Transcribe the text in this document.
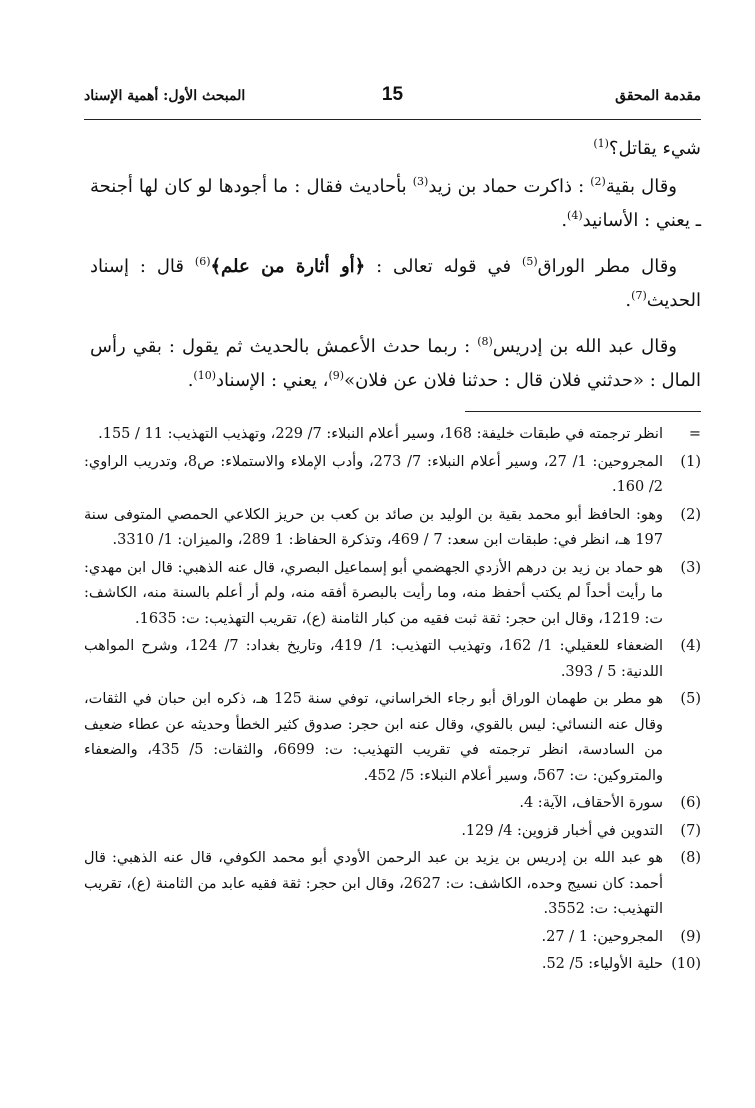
مقدمة المحقق
15
المبحث الأول: أهمية الإسناد

شيء يقاتل؟$^{(1)}$

وقال بقية$^{(2)}$ : ذاكرت حماد بن زيد$^{(3)}$ بأحاديث فقال : ما أجودها لو كان لها أجنحة ـ يعني : الأسانيد$^{(4)}$.

وقال مطر الوراق$^{(5)}$ في قوله تعالى : ﴿أو أثارة من علم﴾$^{(6)}$ قال : إسناد الحديث$^{(7)}$.

وقال عبد الله بن إدريس$^{(8)}$ : ربما حدث الأعمش بالحديث ثم يقول : بقي رأس المال : «حدثني فلان قال : حدثنا فلان عن فلان»$^{(9)}$، يعني : الإسناد$^{(10)}$.

=
انظر ترجمته في طبقات خليفة: 168، وسير أعلام النبلاء: 7/ 229، وتهذيب التهذيب: 11 / 155.

(1)
المجروحين: 1/ 27، وسير أعلام النبلاء: 7/ 273، وأدب الإملاء والاستملاء: ص8، وتدريب الراوي: 2/ 160.

(2)
وهو: الحافظ أبو محمد بقية بن الوليد بن صائد بن كعب بن حريز الكلاعي الحمصي المتوفى سنة 197 هـ، انظر في: طبقات ابن سعد: 7 / 469، وتذكرة الحفاظ: 1 289، والميزان: 1/ 3310.

(3)
هو حماد بن زيد بن درهم الأزدي الجهضمي أبو إسماعيل البصري، قال عنه الذهبي: قال ابن مهدي: ما رأيت أحداً لم يكتب أحفظ منه، وما رأيت بالبصرة أفقه منه، ولم أر أعلم بالسنة منه، الكاشف: ت: 1219، وقال ابن حجر: ثقة ثبت فقيه من كبار الثامنة (ع)، تقريب التهذيب: ت: 1635.

(4)
الضعفاء للعقيلي: 1/ 162، وتهذيب التهذيب: 1/ 419، وتاريخ بغداد: 7/ 124، وشرح المواهب اللدنية: 5 / 393.

(5)
هو مطر بن طهمان الوراق أبو رجاء الخراساني، توفي سنة 125 هـ، ذكره ابن حبان في الثقات، وقال عنه النسائي: ليس بالقوي، وقال عنه ابن حجر: صدوق كثير الخطأ وحديثه عن عطاء ضعيف من السادسة، انظر ترجمته في تقريب التهذيب: ت: 6699، والثقات: 5/ 435، والضعفاء والمتروكين: ت: 567، وسير أعلام النبلاء: 5/ 452.

(6)
سورة الأحقاف، الآية: 4.

(7)
التدوين في أخبار قزوين: 4/ 129.

(8)
هو عبد الله بن إدريس بن يزيد بن عبد الرحمن الأودي أبو محمد الكوفي، قال عنه الذهبي: قال أحمد: كان نسيج وحده، الكاشف: ت: 2627، وقال ابن حجر: ثقة فقيه عابد من الثامنة (ع)، تقريب التهذيب: ت: 3552.

(9)
المجروحين: 1 / 27.

(10)
حلية الأولياء: 5/ 52.
